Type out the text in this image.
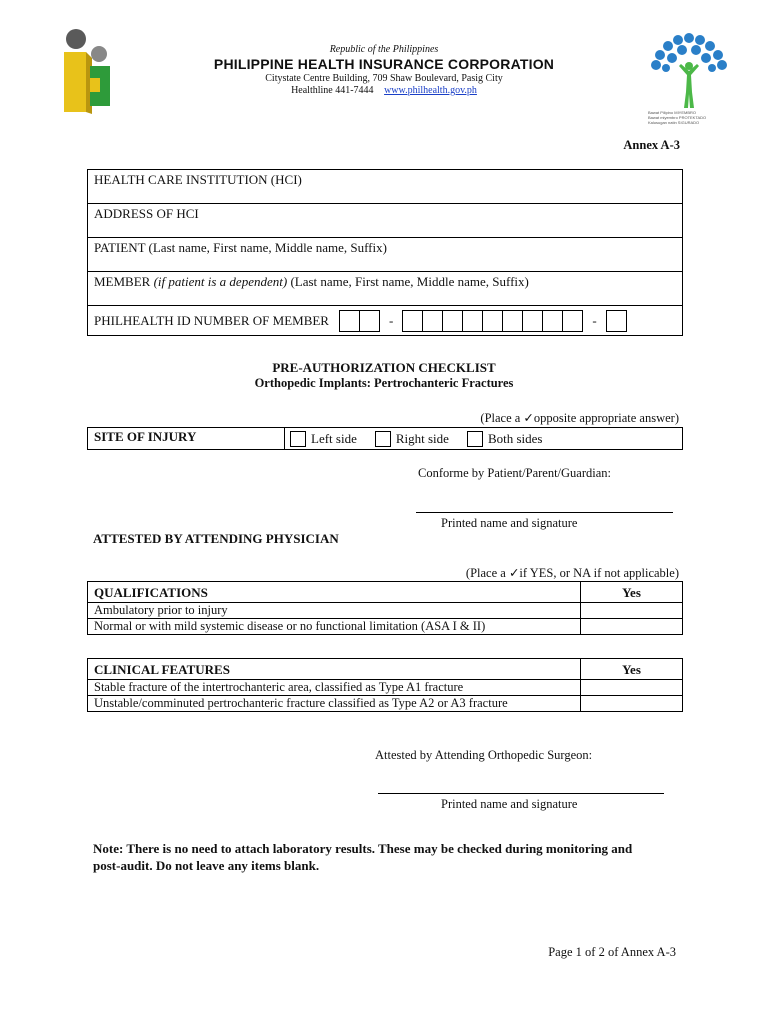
Bawat Pilipino MIYEMBRO
Bawat miyembro PROTEKTADO
Kalusugan natin SIGURADO
Republic of the Philippines
PHILIPPINE HEALTH INSURANCE CORPORATION
Citystate Centre Building, 709 Shaw Boulevard, Pasig City
Healthline 441-7444 www.philhealth.gov.ph
Annex A-3
HEALTH CARE INSTITUTION (HCI)
ADDRESS OF HCI
PATIENT (Last name, First name, Middle name, Suffix)
MEMBER (if patient is a dependent) (Last name, First name, Middle name, Suffix)

PHILHEALTH ID NUMBER OF MEMBER	-	-
PRE-AUTHORIZATION CHECKLIST
Orthopedic Implants: Pertrochanteric Fractures
(Place a ✓opposite appropriate answer)
SITE OF INJURY	Left side	Right side	Both sides
Conforme by Patient/Parent/Guardian:
Printed name and signature
ATTESTED BY ATTENDING PHYSICIAN
(Place a ✓if YES, or NA if not applicable)
QUALIFICATIONS	Yes
Ambulatory prior to injury	
Normal or with mild systemic disease or no functional limitation (ASA I & II)	
CLINICAL FEATURES	Yes
Stable fracture of the intertrochanteric area, classified as Type A1 fracture	
Unstable/comminuted pertrochanteric fracture classified as Type A2 or A3 fracture	
Attested by Attending Orthopedic Surgeon:
Printed name and signature
Note: There is no need to attach laboratory results. These may be checked during monitoring and post-audit. Do not leave any items blank.
Page 1 of 2 of Annex A-3
